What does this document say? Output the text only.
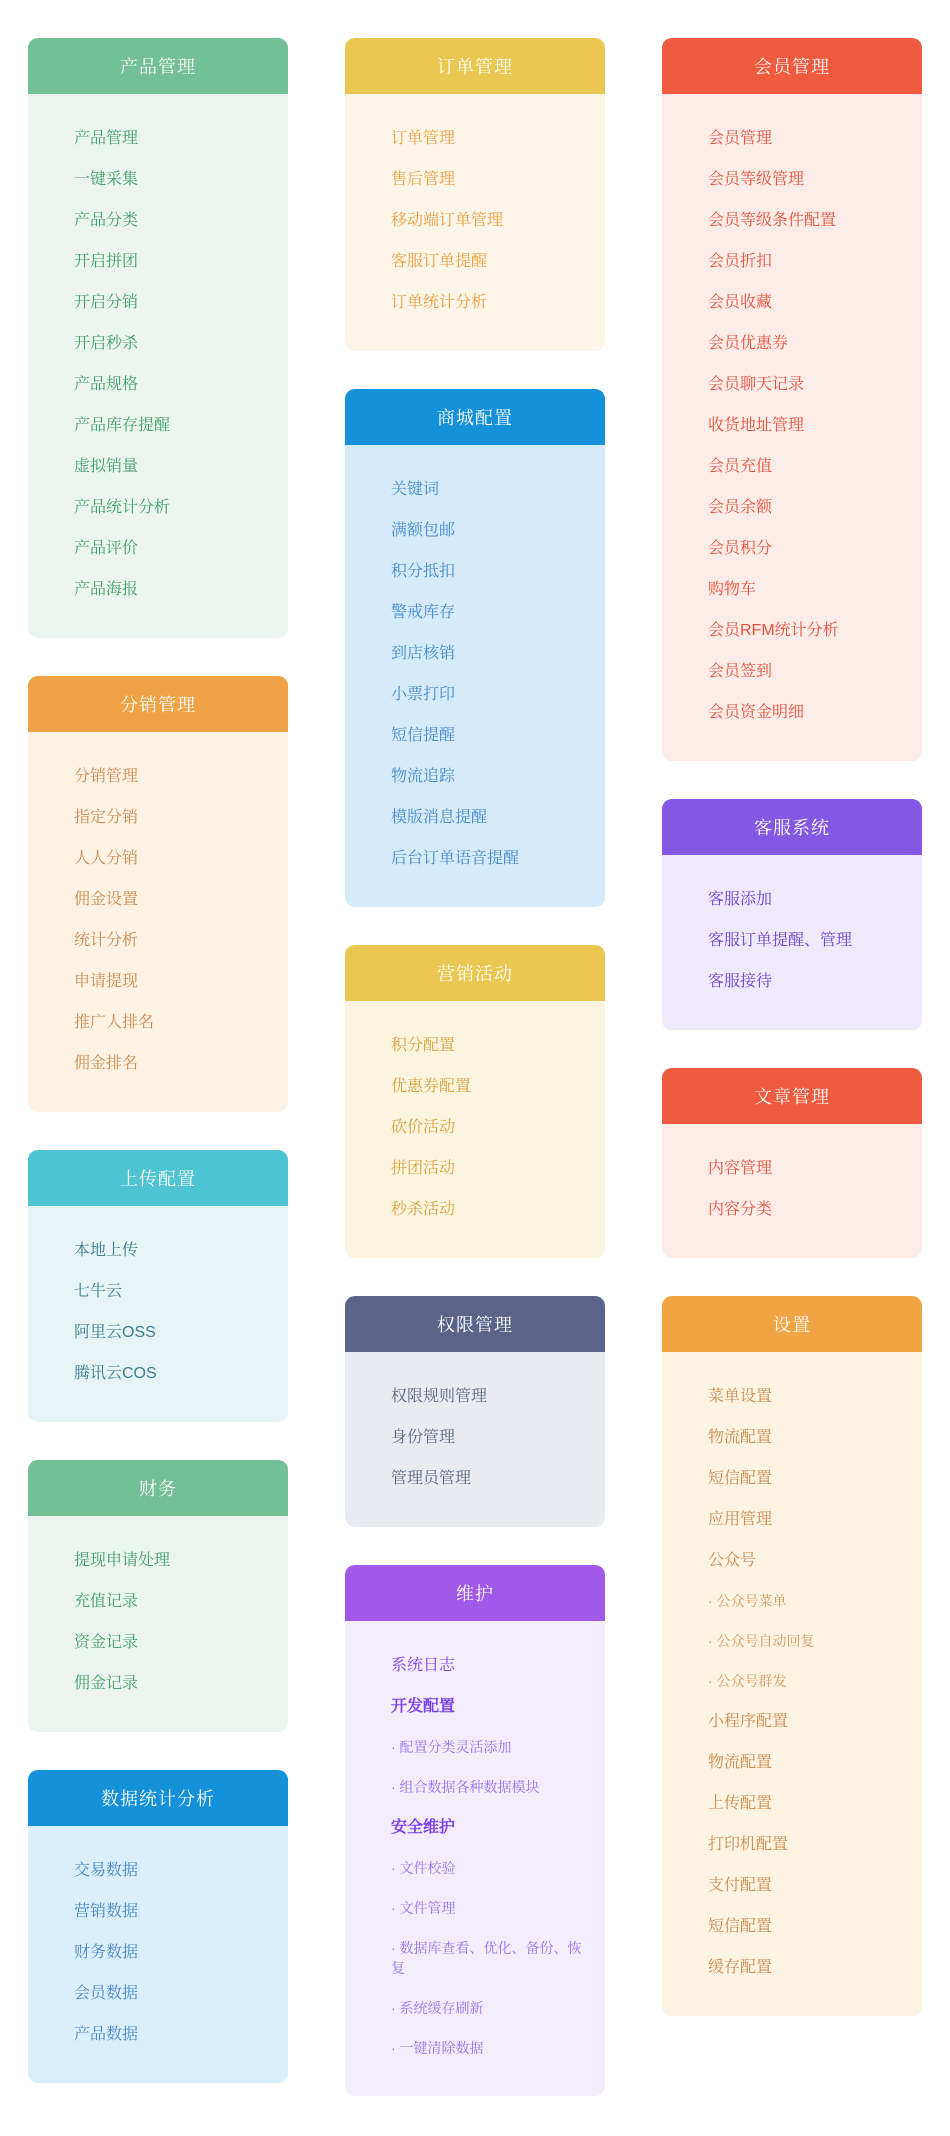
产品管理
产品管理
一键采集
产品分类
开启拼团
开启分销
开启秒杀
产品规格
产品库存提醒
虚拟销量
产品统计分析
产品评价
产品海报
分销管理
分销管理
指定分销
人人分销
佣金设置
统计分析
申请提现
推广人排名
佣金排名
上传配置
本地上传
七牛云
阿里云OSS
腾讯云COS
财务
提现申请处理
充值记录
资金记录
佣金记录
数据统计分析
交易数据
营销数据
财务数据
会员数据
产品数据
订单管理
订单管理
售后管理
移动端订单管理
客服订单提醒
订单统计分析
商城配置
关键词
满额包邮
积分抵扣
警戒库存
到店核销
小票打印
短信提醒
物流追踪
模版消息提醒
后台订单语音提醒
营销活动
积分配置
优惠券配置
砍价活动
拼团活动
秒杀活动
权限管理
权限规则管理
身份管理
管理员管理
维护
系统日志
开发配置
· 配置分类灵活添加
· 组合数据各种数据模块
安全维护
· 文件校验
· 文件管理
· 数据库查看、优化、备份、恢复
· 系统缓存刷新
· 一键清除数据
会员管理
会员管理
会员等级管理
会员等级条件配置
会员折扣
会员收藏
会员优惠券
会员聊天记录
收货地址管理
会员充值
会员余额
会员积分
购物车
会员RFM统计分析
会员签到
会员资金明细
客服系统
客服添加
客服订单提醒、管理
客服接待
文章管理
内容管理
内容分类
设置
菜单设置
物流配置
短信配置
应用管理
公众号
· 公众号菜单
· 公众号自动回复
· 公众号群发
小程序配置
物流配置
上传配置
打印机配置
支付配置
短信配置
缓存配置
